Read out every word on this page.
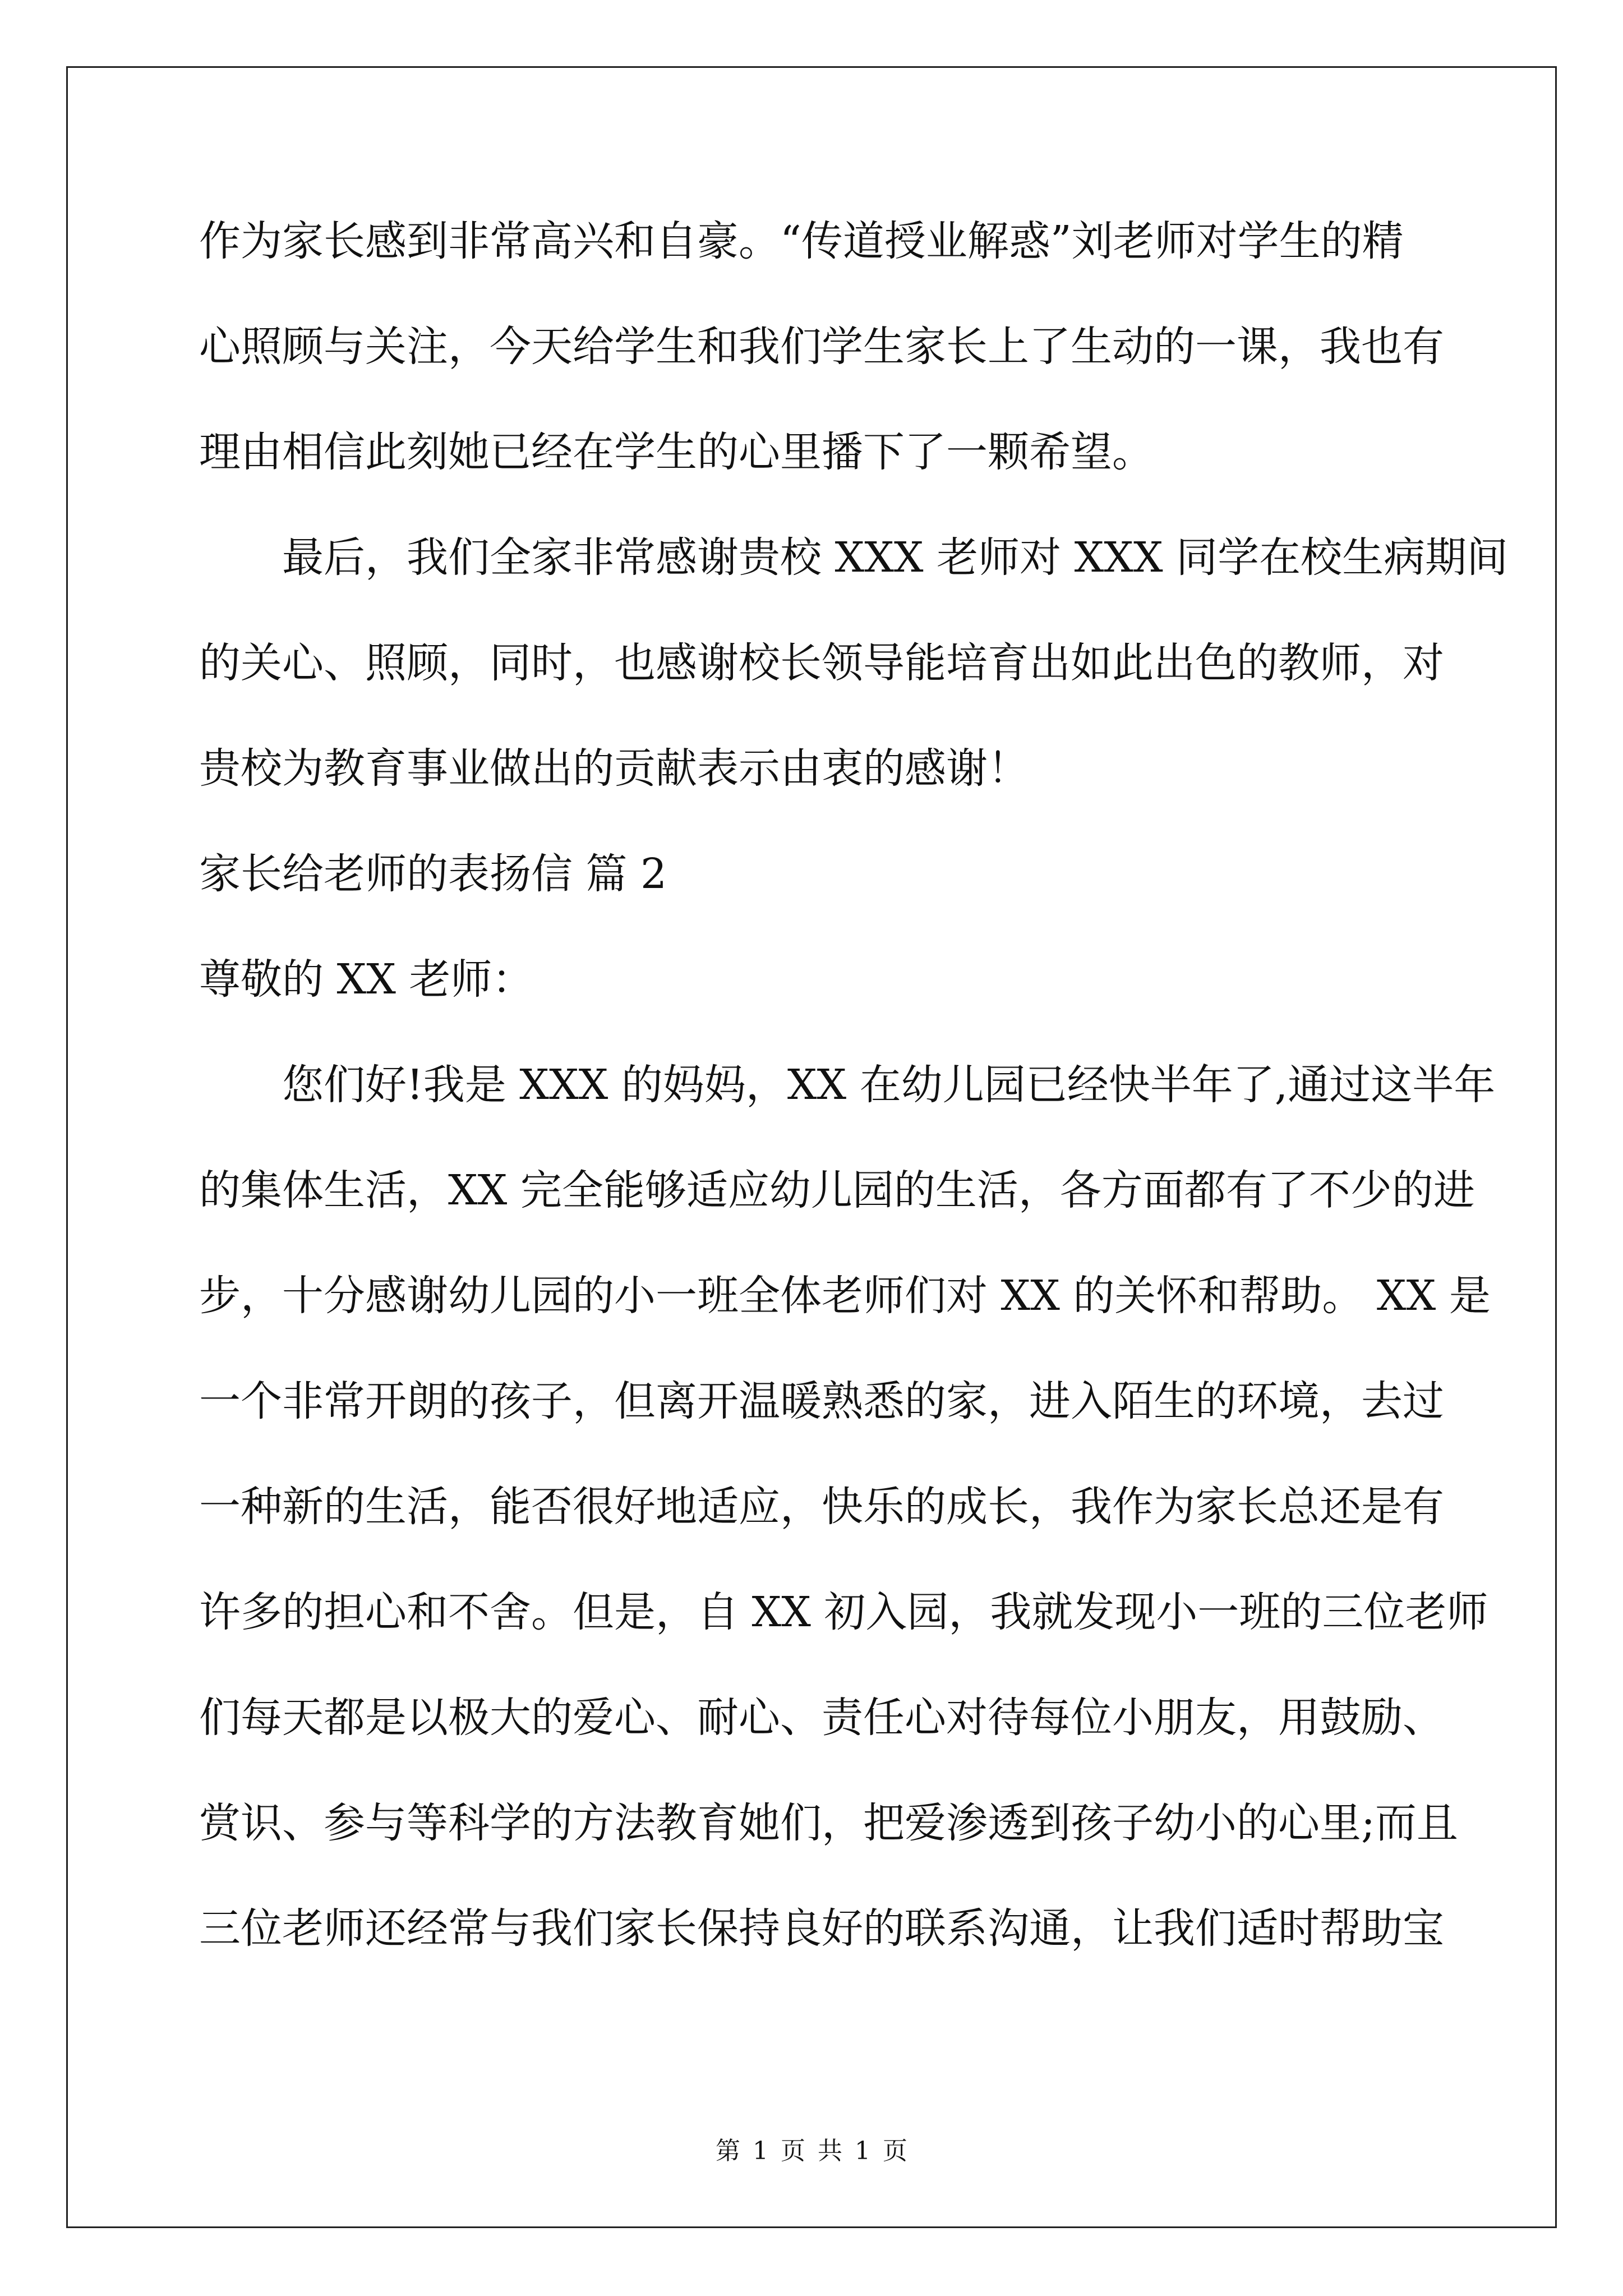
作为家长感到非常高兴和自豪。“传道授业解惑”刘老师对学生的精
心照顾与关注，今天给学生和我们学生家长上了生动的一课，我也有
理由相信此刻她已经在学生的心里播下了一颗希望。
最后，我们全家非常感谢贵校 XXX 老师对 XXX 同学在校生病期间
的关心、照顾，同时，也感谢校长领导能培育出如此出色的教师，对
贵校为教育事业做出的贡献表示由衷的感谢！
家长给老师的表扬信 篇 2
尊敬的 XX 老师：
您们好!我是 XXX 的妈妈，XX 在幼儿园已经快半年了,通过这半年
的集体生活，XX 完全能够适应幼儿园的生活，各方面都有了不少的进
步，十分感谢幼儿园的小一班全体老师们对 XX 的关怀和帮助。 XX 是
一个非常开朗的孩子，但离开温暖熟悉的家，进入陌生的环境，去过
一种新的生活，能否很好地适应，快乐的成长，我作为家长总还是有
许多的担心和不舍。但是，自 XX 初入园，我就发现小一班的三位老师
们每天都是以极大的爱心、耐心、责任心对待每位小朋友，用鼓励、
赏识、参与等科学的方法教育她们，把爱渗透到孩子幼小的心里;而且
三位老师还经常与我们家长保持良好的联系沟通，让我们适时帮助宝
第 1 页 共 1 页
